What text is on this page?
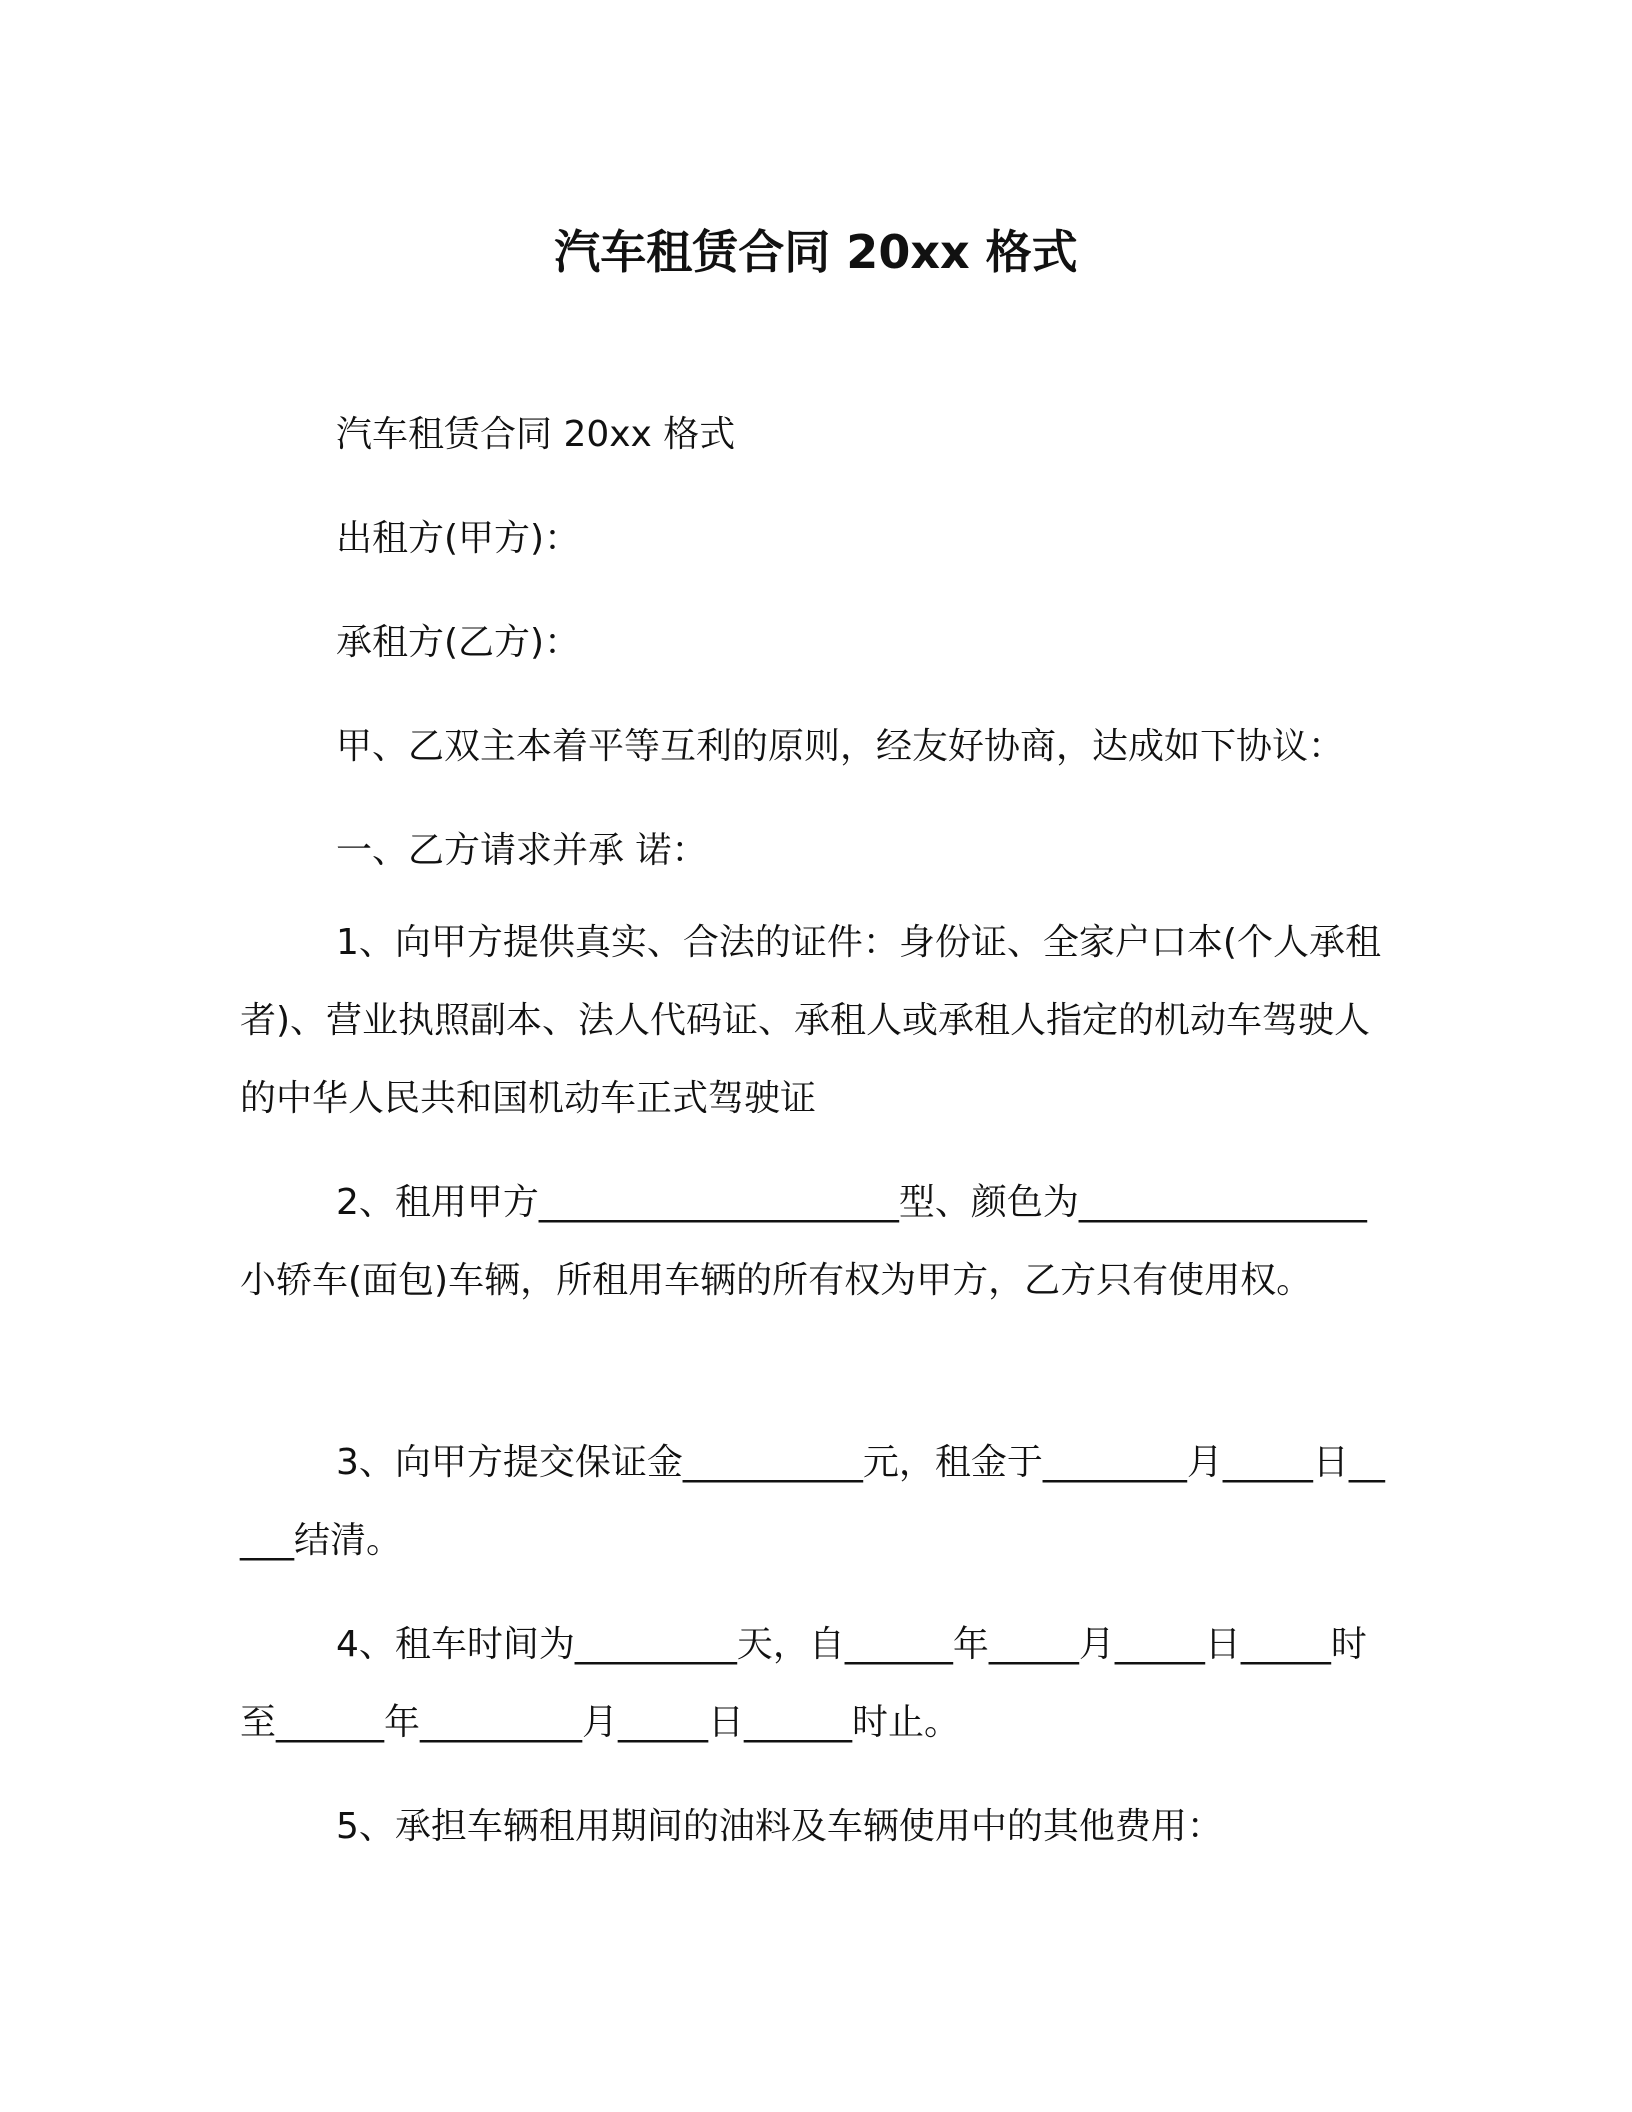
汽车租赁合同 20xx 格式

汽车租赁合同 20xx 格式

出租方(甲方)：

承租方(乙方)：

甲、乙双主本着平等互利的原则，经友好协商，达成如下协议：

一、乙方请求并承 诺：

1、向甲方提供真实、合法的证件：身份证、全家户口本(个人承租者)、营业执照副本、法人代码证、承租人或承租人指定的机动车驾驶人的中华人民共和国机动车正式驾驶证

2、租用甲方____________________型、颜色为________________小轿车(面包)车辆，所租用车辆的所有权为甲方，乙方只有使用权。

3、向甲方提交保证金__________元，租金于________月_____日_____结清。

4、租车时间为_________天，自______年_____月_____日_____时至______年_________月_____日______时止。

5、承担车辆租用期间的油料及车辆使用中的其他费用：
